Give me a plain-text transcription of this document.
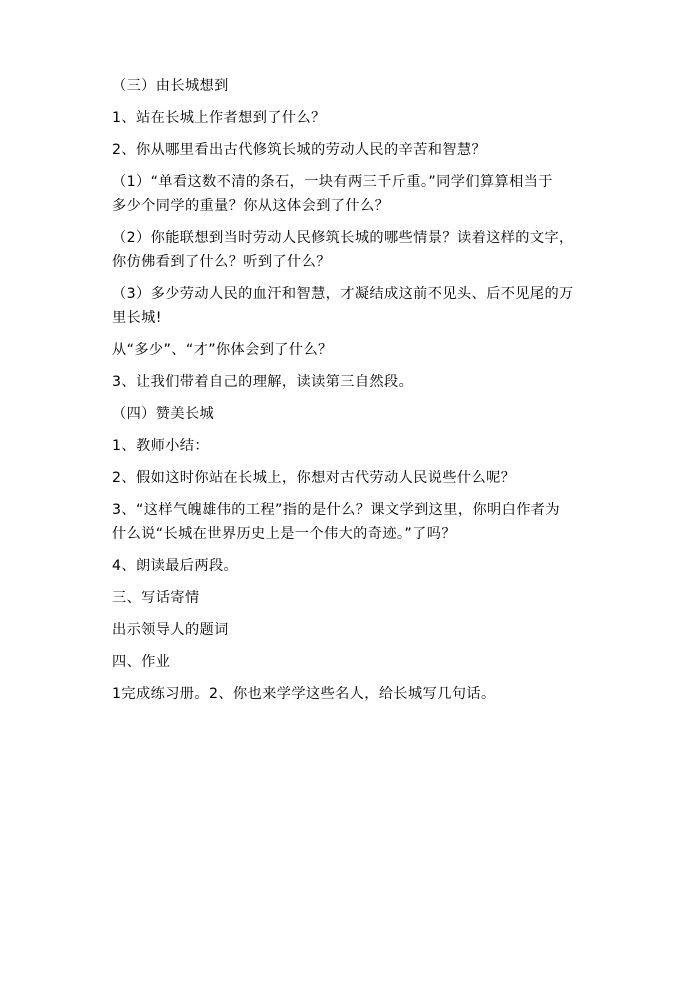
（三）由长城想到

1、站在长城上作者想到了什么？

2、你从哪里看出古代修筑长城的劳动人民的辛苦和智慧？

（1）“单看这数不清的条石，一块有两三千斤重。”同学们算算相当于

多少个同学的重量？你从这体会到了什么？

（2）你能联想到当时劳动人民修筑长城的哪些情景？读着这样的文字，

你仿佛看到了什么？听到了什么？

（3）多少劳动人民的血汗和智慧，才凝结成这前不见头、后不见尾的万

里长城!

从“多少”、“才”你体会到了什么？

3、让我们带着自己的理解，读读第三自然段。

（四）赞美长城

1、教师小结：

2、假如这时你站在长城上，你想对古代劳动人民说些什么呢？

3、“这样气魄雄伟的工程”指的是什么？课文学到这里，你明白作者为

什么说“长城在世界历史上是一个伟大的奇迹。”了吗？

4、朗读最后两段。

三、写话寄情

出示领导人的题词

四、作业

1完成练习册。2、你也来学学这些名人，给长城写几句话。
